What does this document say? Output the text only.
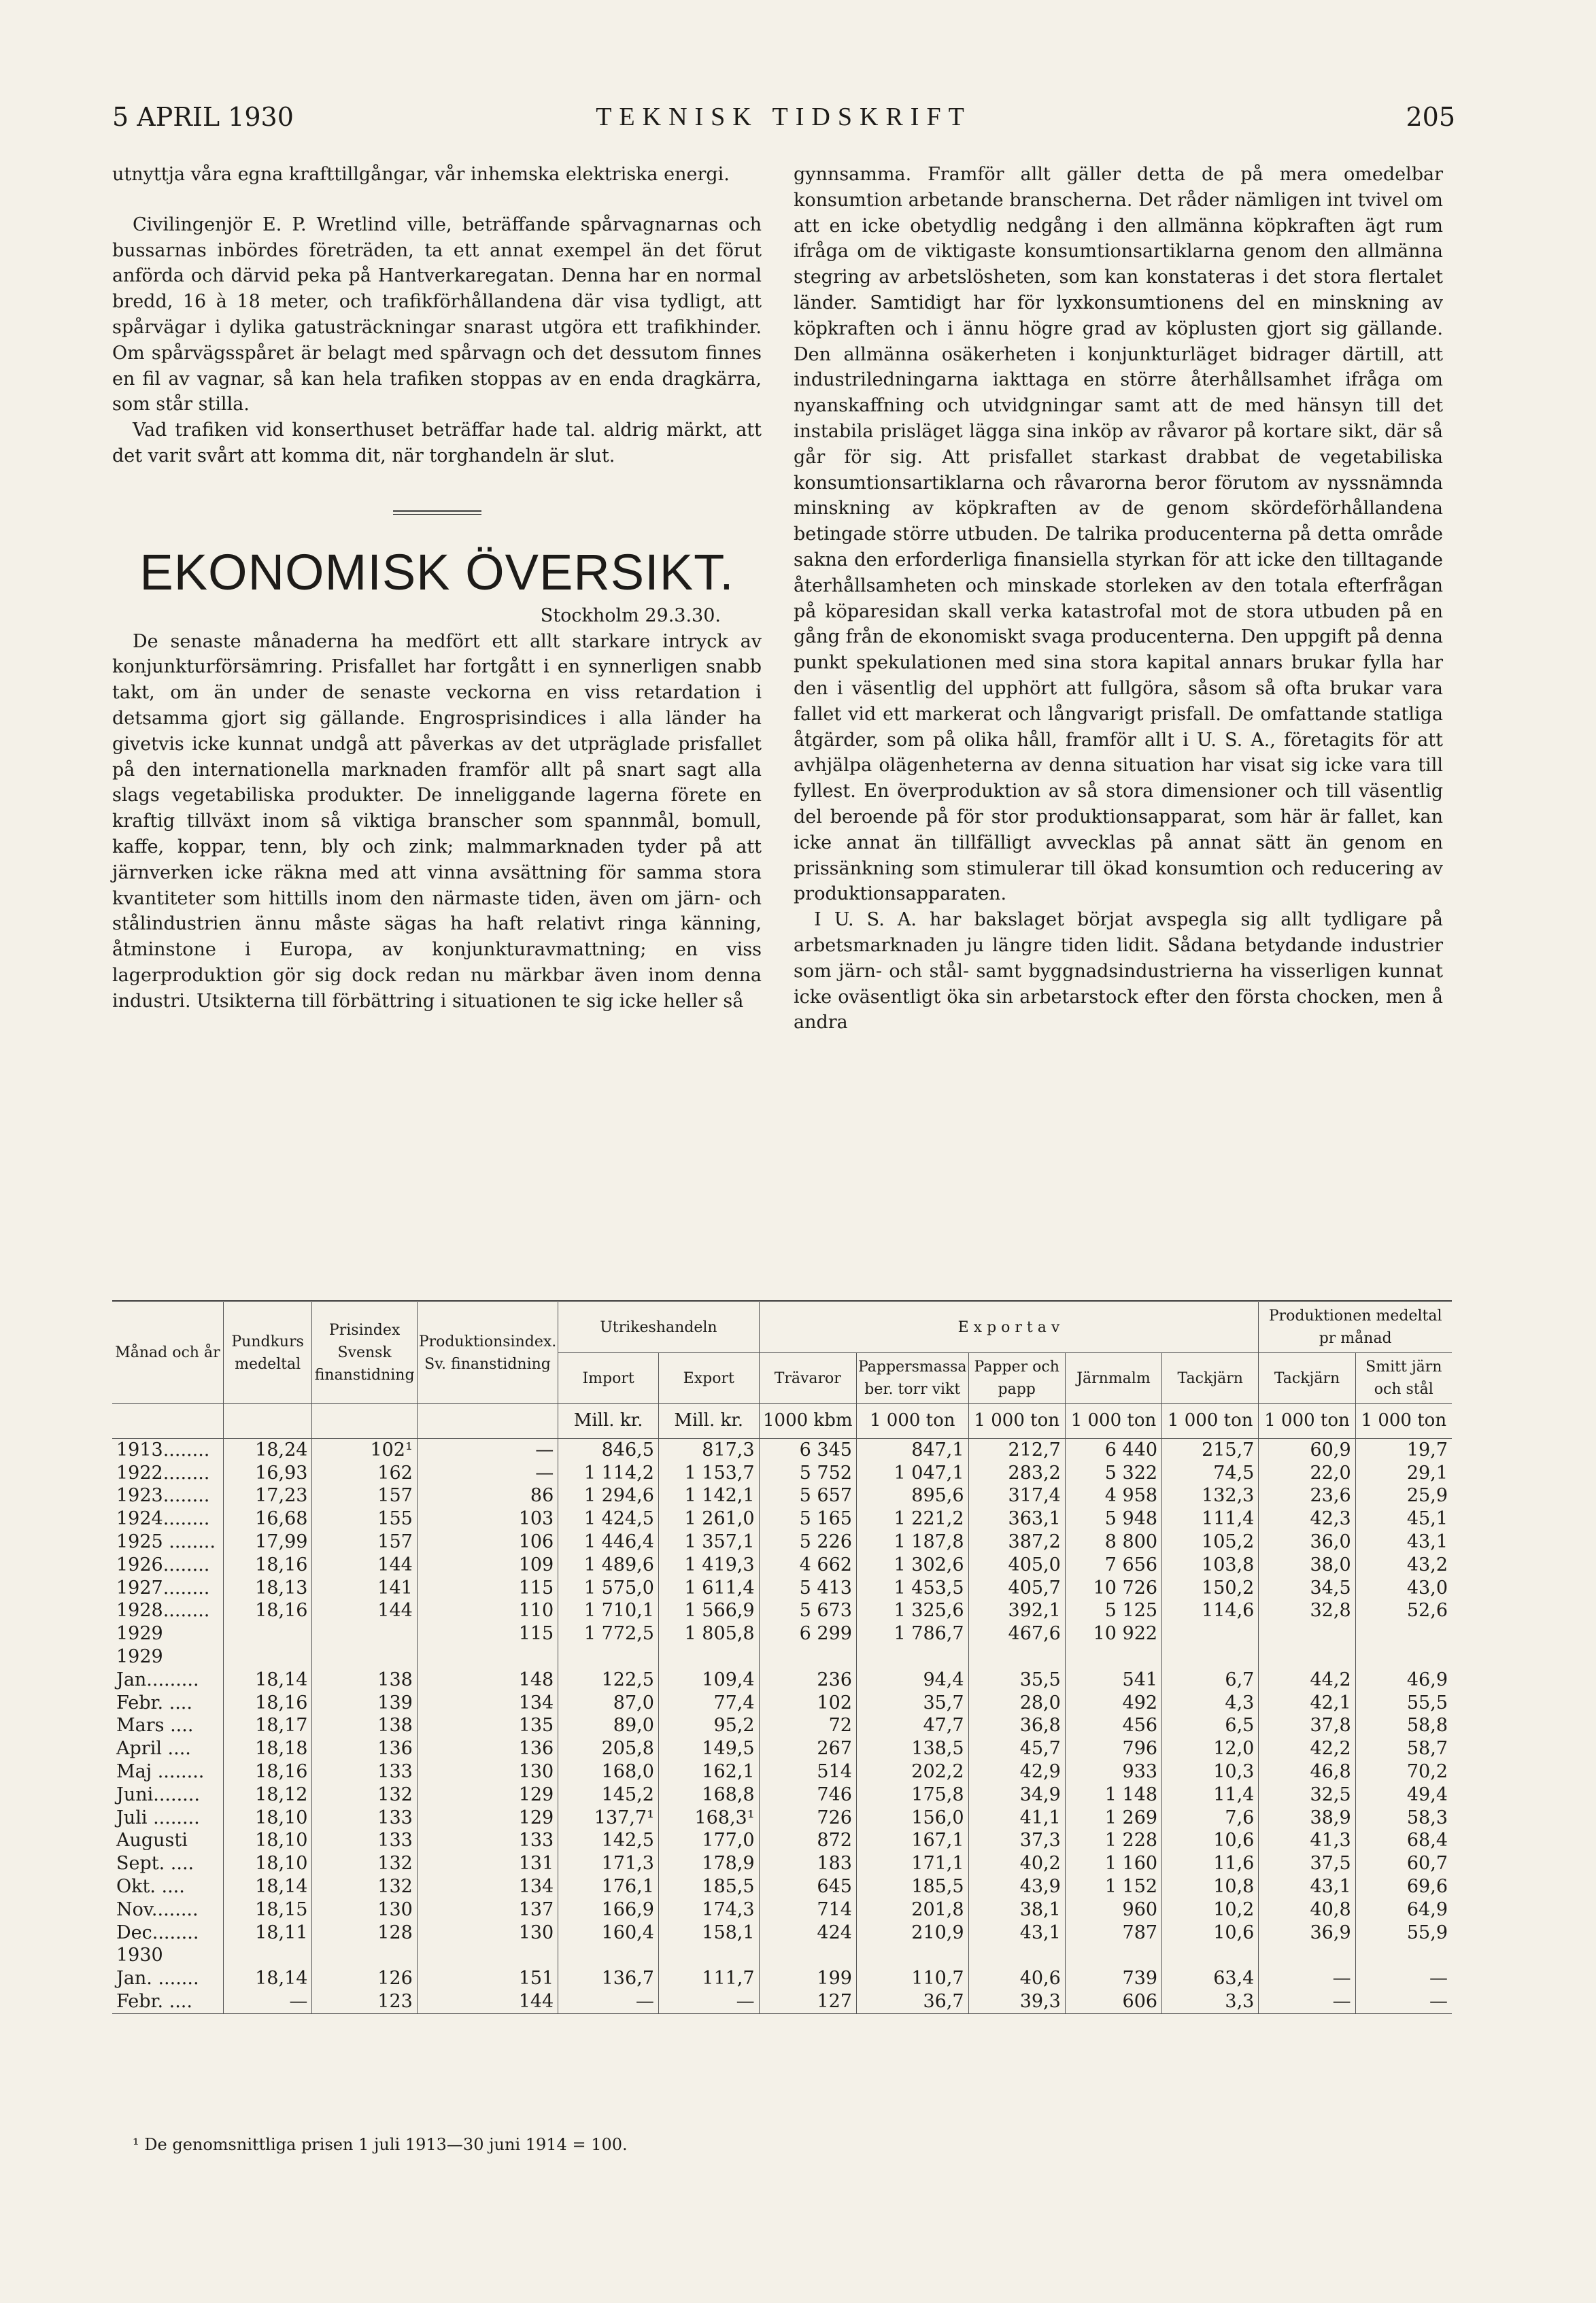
5 APRIL 1930	TEKNISK TIDSKRIFT	205

utnyttja våra egna krafttillgångar, vår inhemska elektriska energi.

Civilingenjör E. P. Wretlind ville, beträffande spårvagnarnas och bussarnas inbördes företräden, ta ett annat exempel än det förut anförda och därvid peka på Hantverkaregatan. Denna har en normal bredd, 16 à 18 meter, och trafikförhållandena där visa tydligt, att spårvägar i dylika gatusträckningar snarast utgöra ett trafikhinder. Om spårvägsspåret är belagt med spårvagn och det dessutom finnes en fil av vagnar, så kan hela trafiken stoppas av en enda dragkärra, som står stilla.

Vad trafiken vid konserthuset beträffar hade tal. aldrig märkt, att det varit svårt att komma dit, när torghandeln är slut.

EKONOMISK ÖVERSIKT.

Stockholm 29.3.30.

De senaste månaderna ha medfört ett allt starkare intryck av konjunkturförsämring. Prisfallet har fortgått i en synnerligen snabb takt, om än under de senaste veckorna en viss retardation i detsamma gjort sig gällande. Engrosprisindices i alla länder ha givetvis icke kunnat undgå att påverkas av det utpräglade prisfallet på den internationella marknaden framför allt på snart sagt alla slags vegetabiliska produkter. De inneliggande lagerna förete en kraftig tillväxt inom så viktiga branscher som spannmål, bomull, kaffe, koppar, tenn, bly och zink; malmmarknaden tyder på att järnverken icke räkna med att vinna avsättning för samma stora kvantiteter som hittills inom den närmaste tiden, även om järn- och stålindustrien ännu måste sägas ha haft relativt ringa känning, åtminstone i Europa, av konjunkturavmattning; en viss lagerproduktion gör sig dock redan nu märkbar även inom denna industri. Utsikterna till förbättring i situationen te sig icke heller så

gynnsamma. Framför allt gäller detta de på mera omedelbar konsumtion arbetande branscherna. Det råder nämligen int tvivel om att en icke obetydlig nedgång i den allmänna köpkraften ägt rum ifråga om de viktigaste konsumtionsartiklarna genom den allmänna stegring av arbetslösheten, som kan konstateras i det stora flertalet länder. Samtidigt har för lyxkonsumtionens del en minskning av köpkraften och i ännu högre grad av köplusten gjort sig gällande. Den allmänna osäkerheten i konjunkturläget bidrager därtill, att industriledningarna iakttaga en större återhållsamhet ifråga om nyanskaffning och utvidgningar samt att de med hänsyn till det instabila prisläget lägga sina inköp av råvaror på kortare sikt, där så går för sig. Att prisfallet starkast drabbat de vegetabiliska konsumtionsartiklarna och råvarorna beror förutom av nyssnämnda minskning av köpkraften av de genom skördeförhållandena betingade större utbuden. De talrika producenterna på detta område sakna den erforderliga finansiella styrkan för att icke den tilltagande återhållsamheten och minskade storleken av den totala efterfrågan på köparesidan skall verka katastrofal mot de stora utbuden på en gång från de ekonomiskt svaga producenterna. Den uppgift på denna punkt spekulationen med sina stora kapital annars brukar fylla har den i väsentlig del upphört att fullgöra, såsom så ofta brukar vara fallet vid ett markerat och långvarigt prisfall. De omfattande statliga åtgärder, som på olika håll, framför allt i U. S. A., företagits för att avhjälpa olägenheterna av denna situation har visat sig icke vara till fyllest. En överproduktion av så stora dimensioner och till väsentlig del beroende på för stor produktionsapparat, som här är fallet, kan icke annat än tillfälligt avvecklas på annat sätt än genom en prissänkning som stimulerar till ökad konsumtion och reducering av produktionsapparaten.

I U. S. A. har bakslaget börjat avspegla sig allt tydligare på arbetsmarknaden ju längre tiden lidit. Sådana betydande industrier som järn- och stål- samt byggnadsindustrierna ha visserligen kunnat icke oväsentligt öka sin arbetarstock efter den första chocken, men å andra

Månad och år	Pundkurs medeltal	Prisindex Svensk finanstidning	Produktionsindex. Sv. finanstidning	Utrikeshandeln		E x p o r t a v					Produktionen medeltal pr månad	
				Import	Export	Trävaror	Pappersmassa ber. torr vikt	Papper och papp	Järnmalm	Tackjärn	Tackjärn	Smitt järn och stål
				Mill. kr.	Mill. kr.	1000 kbm	1 000 ton	1 000 ton	1 000 ton	1 000 ton	1 000 ton	1 000 ton
1913........	18,24	102¹	—	846,5	817,3	6 345	847,1	212,7	6 440	215,7	60,9	19,7
1922........	16,93	162	—	1 114,2	1 153,7	5 752	1 047,1	283,2	5 322	74,5	22,0	29,1
1923........	17,23	157	86	1 294,6	1 142,1	5 657	895,6	317,4	4 958	132,3	23,6	25,9
1924........	16,68	155	103	1 424,5	1 261,0	5 165	1 221,2	363,1	5 948	111,4	42,3	45,1
1925 ........	17,99	157	106	1 446,4	1 357,1	5 226	1 187,8	387,2	8 800	105,2	36,0	43,1
1926........	18,16	144	109	1 489,6	1 419,3	4 662	1 302,6	405,0	7 656	103,8	38,0	43,2
1927........	18,13	141	115	1 575,0	1 611,4	5 413	1 453,5	405,7	10 726	150,2	34,5	43,0
1928........	18,16	144	110	1 710,1	1 566,9	5 673	1 325,6	392,1	5 125	114,6	32,8	52,6
1929			115	1 772,5	1 805,8	6 299	1 786,7	467,6	10 922			
1929												
Jan.........	18,14	138	148	122,5	109,4	236	94,4	35,5	541	6,7	44,2	46,9
Febr. ....	18,16	139	134	87,0	77,4	102	35,7	28,0	492	4,3	42,1	55,5
Mars ....	18,17	138	135	89,0	95,2	72	47,7	36,8	456	6,5	37,8	58,8
April ....	18,18	136	136	205,8	149,5	267	138,5	45,7	796	12,0	42,2	58,7
Maj ........	18,16	133	130	168,0	162,1	514	202,2	42,9	933	10,3	46,8	70,2
Juni........	18,12	132	129	145,2	168,8	746	175,8	34,9	1 148	11,4	32,5	49,4
Juli ........	18,10	133	129	137,7¹	168,3¹	726	156,0	41,1	1 269	7,6	38,9	58,3
Augusti	18,10	133	133	142,5	177,0	872	167,1	37,3	1 228	10,6	41,3	68,4
Sept. ....	18,10	132	131	171,3	178,9	183	171,1	40,2	1 160	11,6	37,5	60,7
Okt. ....	18,14	132	134	176,1	185,5	645	185,5	43,9	1 152	10,8	43,1	69,6
Nov........	18,15	130	137	166,9	174,3	714	201,8	38,1	960	10,2	40,8	64,9
Dec........	18,11	128	130	160,4	158,1	424	210,9	43,1	787	10,6	36,9	55,9
1930												
Jan. .......	18,14	126	151	136,7	111,7	199	110,7	40,6	739	63,4	—	—
Febr. ....	—	123	144	—	—	127	36,7	39,3	606	3,3	—	—
¹ De genomsnittliga prisen 1 juli 1913—30 juni 1914 = 100.
